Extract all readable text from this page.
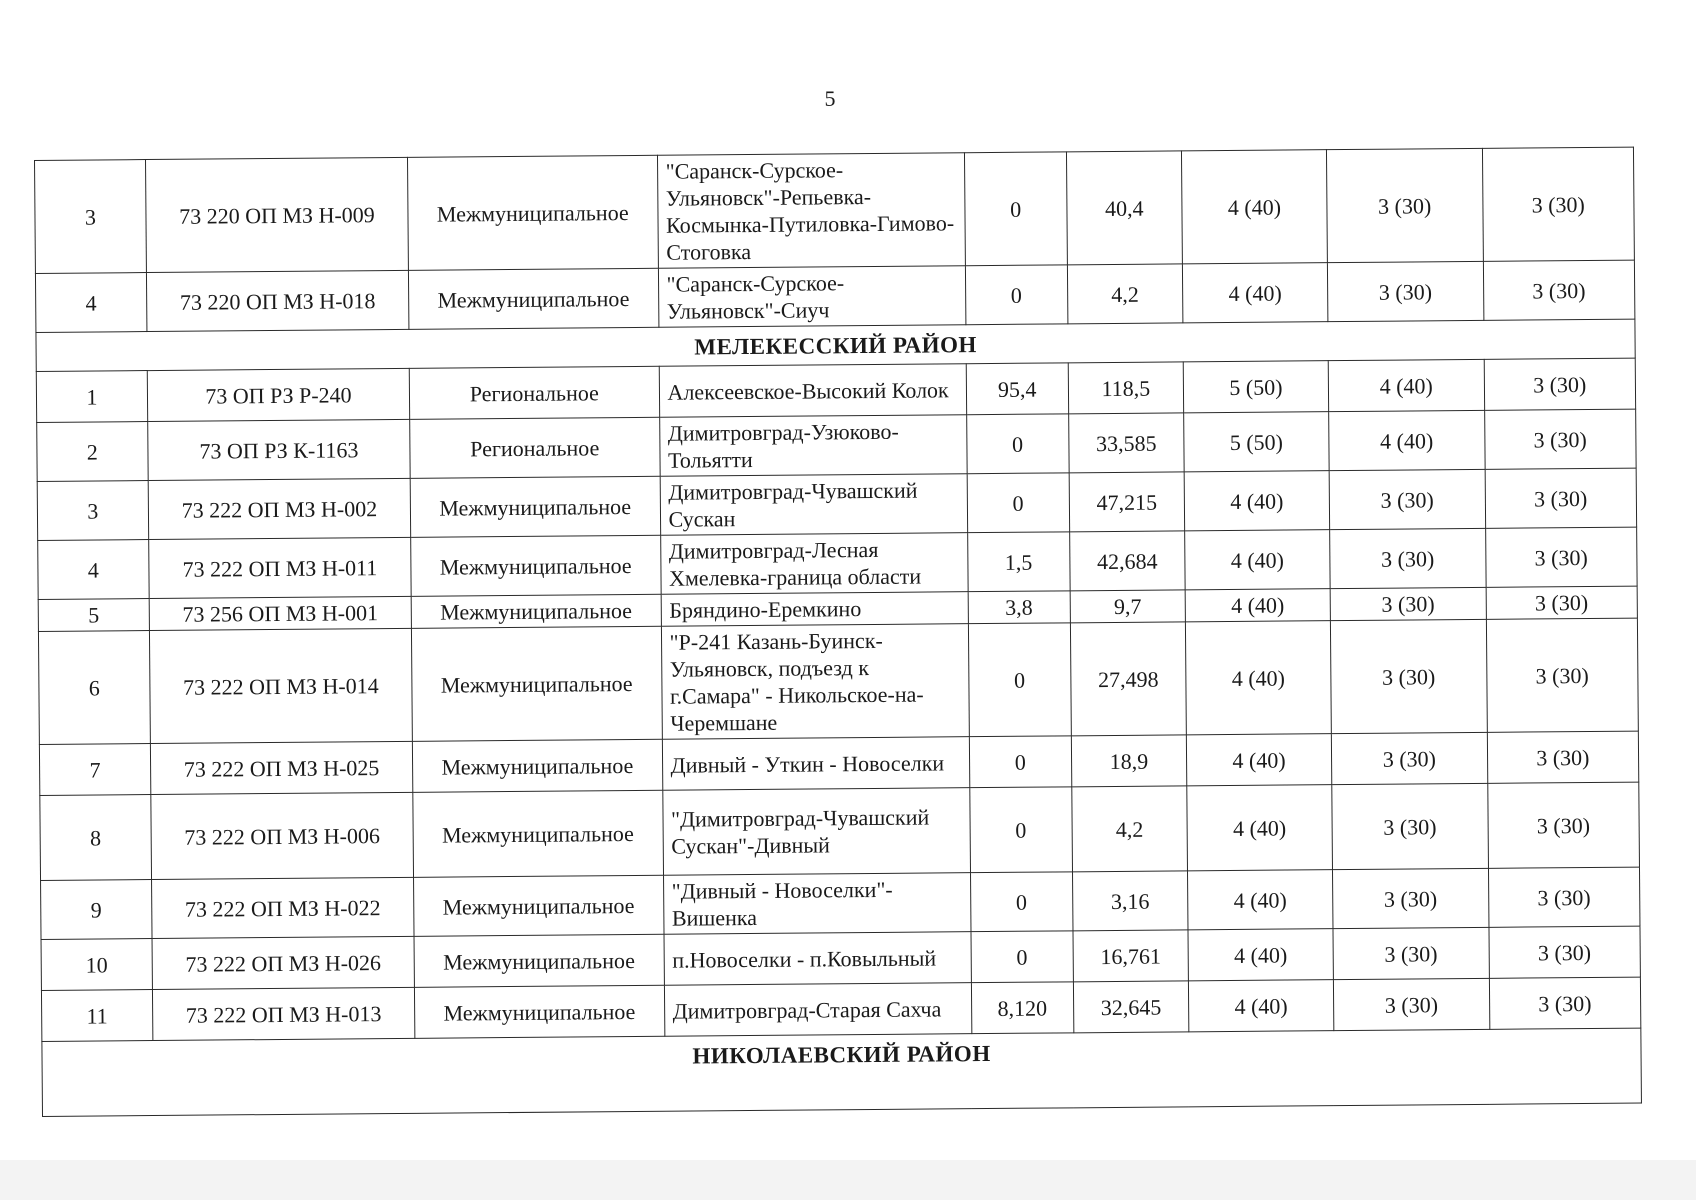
5
3	73 220 ОП МЗ Н-009	Межмуниципальное	"Саранск-Сурское-Ульяновск"-Репьевка-Космынка-Путиловка-Гимово-Стоговка	0	40,4	4 (40)	3 (30)	3 (30)
4	73 220 ОП МЗ Н-018	Межмуниципальное	"Саранск-Сурское-Ульяновск"-Сиуч	0	4,2	4 (40)	3 (30)	3 (30)
МЕЛЕКЕССКИЙ РАЙОН								
1	73 ОП РЗ Р-240	Региональное	Алексеевское-Высокий Колок	95,4	118,5	5 (50)	4 (40)	3 (30)
2	73 ОП РЗ К-1163	Региональное	Димитровград-Узюково-Тольятти	0	33,585	5 (50)	4 (40)	3 (30)
3	73 222 ОП МЗ Н-002	Межмуниципальное	Димитровград-Чувашский Сускан	0	47,215	4 (40)	3 (30)	3 (30)
4	73 222 ОП МЗ Н-011	Межмуниципальное	Димитровград-Лесная Хмелевка-граница области	1,5	42,684	4 (40)	3 (30)	3 (30)
5	73 256 ОП МЗ Н-001	Межмуниципальное	Бряндино-Еремкино	3,8	9,7	4 (40)	3 (30)	3 (30)
6	73 222 ОП МЗ Н-014	Межмуниципальное	"Р-241 Казань-Буинск-Ульяновск, подъезд к г.Самара" - Никольское-на-Черемшане	0	27,498	4 (40)	3 (30)	3 (30)
7	73 222 ОП МЗ Н-025	Межмуниципальное	Дивный - Уткин - Новоселки	0	18,9	4 (40)	3 (30)	3 (30)
8	73 222 ОП МЗ Н-006	Межмуниципальное	"Димитровград-Чувашский Сускан"-Дивный	0	4,2	4 (40)	3 (30)	3 (30)
9	73 222 ОП МЗ Н-022	Межмуниципальное	"Дивный - Новоселки"-Вишенка	0	3,16	4 (40)	3 (30)	3 (30)
10	73 222 ОП МЗ Н-026	Межмуниципальное	п.Новоселки - п.Ковыльный	0	16,761	4 (40)	3 (30)	3 (30)
11	73 222 ОП МЗ Н-013	Межмуниципальное	Димитровград-Старая Сахча	8,120	32,645	4 (40)	3 (30)	3 (30)
НИКОЛАЕВСКИЙ РАЙОН								
